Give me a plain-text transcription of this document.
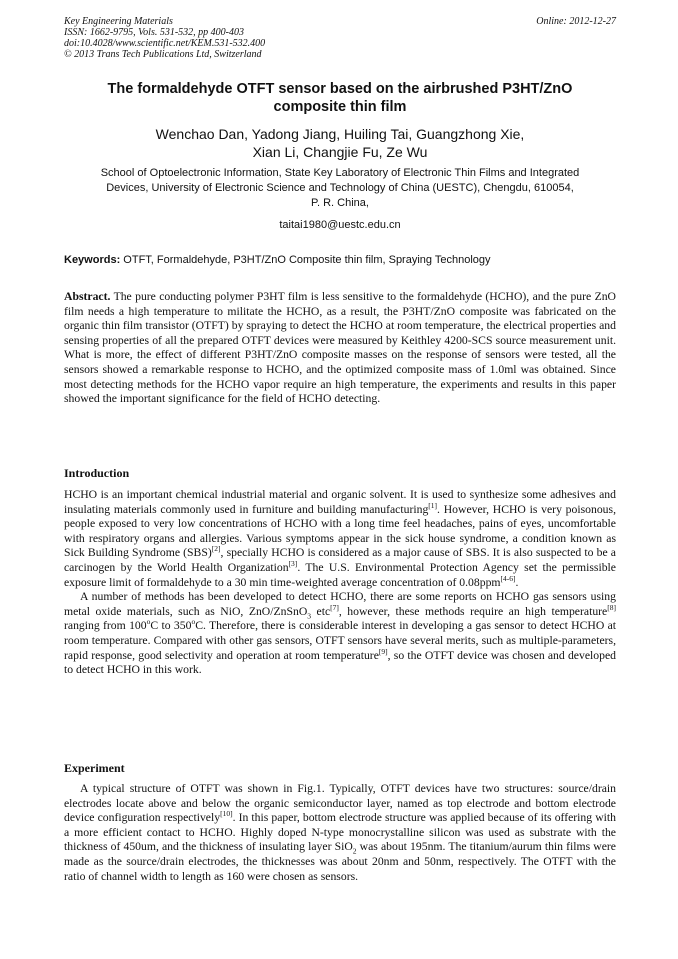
Key Engineering Materials
ISSN: 1662-9795, Vols. 531-532, pp 400-403
doi:10.4028/www.scientific.net/KEM.531-532.400
© 2013 Trans Tech Publications Ltd, Switzerland
Online: 2012-12-27
The formaldehyde OTFT sensor based on the airbrushed P3HT/ZnO
composite thin film
Wenchao Dan, Yadong Jiang, Huiling Tai, Guangzhong Xie,
Xian Li, Changjie Fu, Ze Wu
School of Optoelectronic Information, State Key Laboratory of Electronic Thin Films and Integrated
Devices, University of Electronic Science and Technology of China (UESTC), Chengdu, 610054,
P. R. China,
taitai1980@uestc.edu.cn
Keywords: OTFT, Formaldehyde, P3HT/ZnO Composite thin film, Spraying Technology
Abstract. The pure conducting polymer P3HT film is less sensitive to the formaldehyde (HCHO), and the pure ZnO film needs a high temperature to militate the HCHO, as a result, the P3HT/ZnO composite was fabricated on the organic thin film transistor (OTFT) by spraying to detect the HCHO at room temperature, the electrical properties and sensing properties of all the prepared OTFT devices were measured by Keithley 4200-SCS source measurement unit. What is more, the effect of different P3HT/ZnO composite masses on the response of sensors were tested, all the sensors showed a remarkable response to HCHO, and the optimized composite mass of 1.0ml was obtained. Since most detecting methods for the HCHO vapor require an high temperature, the experiments and results in this paper showed the important significance for the field of HCHO detecting.
Introduction

HCHO is an important chemical industrial material and organic solvent. It is used to synthesize some adhesives and insulating materials commonly used in furniture and building manufacturing[1]. However, HCHO is very poisonous, people exposed to very low concentrations of HCHO with a long time feel headaches, pains of eyes, uncomfortable with respiratory organs and allergies. Various symptoms appear in the sick house syndrome, a condition known as Sick Building Syndrome (SBS)[2], specially HCHO is considered as a major cause of SBS. It is also suspected to be a carcinogen by the World Health Organization[3]. The U.S. Environmental Protection Agency set the permissible exposure limit of formaldehyde to a 30 min time-weighted average concentration of 0.08ppm[4-6].

A number of methods has been developed to detect HCHO, there are some reports on HCHO gas sensors using metal oxide materials, such as NiO, ZnO/ZnSnO$_3$ etc[7], however, these methods require an high temperature[8] ranging from 100$^o$C to 350$^o$C. Therefore, there is considerable interest in developing a gas sensor to detect HCHO at room temperature. Compared with other gas sensors, OTFT sensors have several merits, such as multiple-parameters, rapid response, good selectivity and operation at room temperature[9], so the OTFT device was chosen and developed to detect HCHO in this work.

Experiment

A typical structure of OTFT was shown in Fig.1. Typically, OTFT devices have two structures: source/drain electrodes locate above and below the organic semiconductor layer, named as top electrode and bottom electrode device configuration respectively[10]. In this paper, bottom electrode structure was applied because of its offering with a more efficient contact to HCHO. Highly doped N-type monocrystalline silicon was used as substrate with the thickness of 450um, and the thickness of insulating layer SiO$_2$ was about 195nm. The titanium/aurum thin films were made as the source/drain electrodes, the thicknesses was about 20nm and 50nm, respectively. The OTFT with the ratio of channel width to length as 160 were chosen as sensors.
